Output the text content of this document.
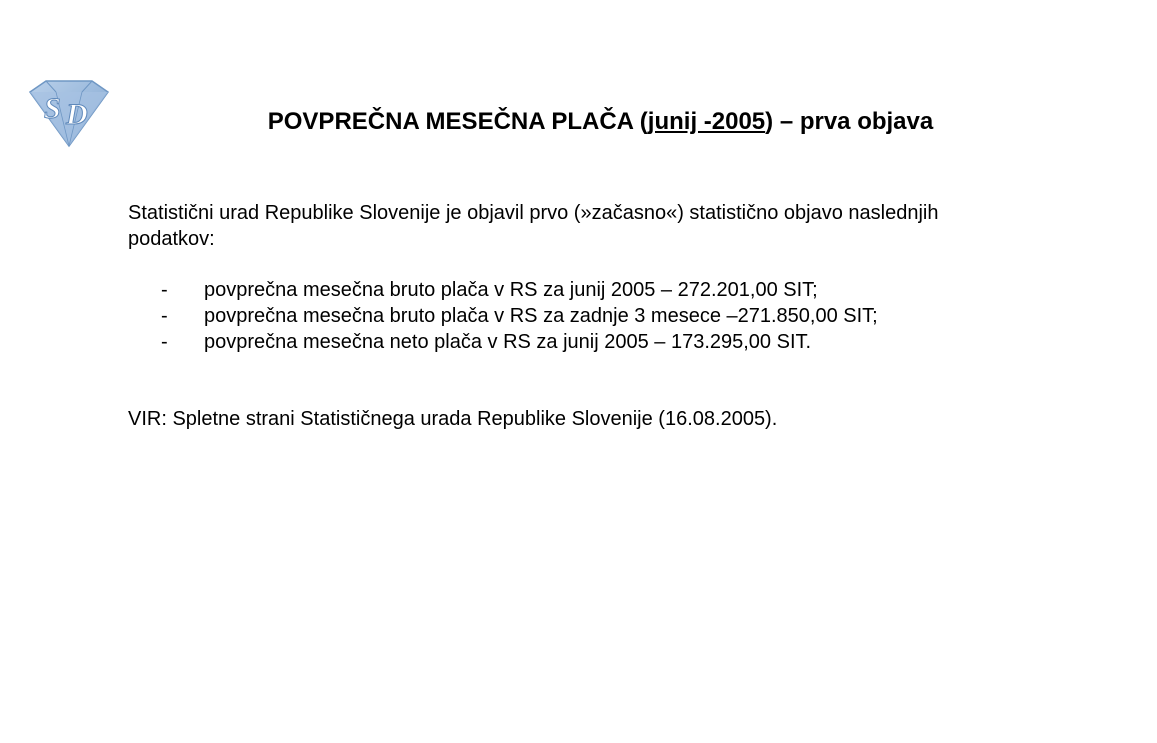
S D	POVPREČNA MESEČNA PLAČA (junij -2005) – prva objava
Statistični urad Republike Slovenije je objavil prvo (»začasno«) statistično objavo naslednjih podatkov:
- povprečna mesečna bruto plača v RS za junij 2005 – 272.201,00 SIT;
- povprečna mesečna bruto plača v RS za zadnje 3 mesece –271.850,00 SIT;
- povprečna mesečna neto plača v RS za junij 2005 – 173.295,00 SIT.
VIR: Spletne strani Statističnega urada Republike Slovenije (16.08.2005).
